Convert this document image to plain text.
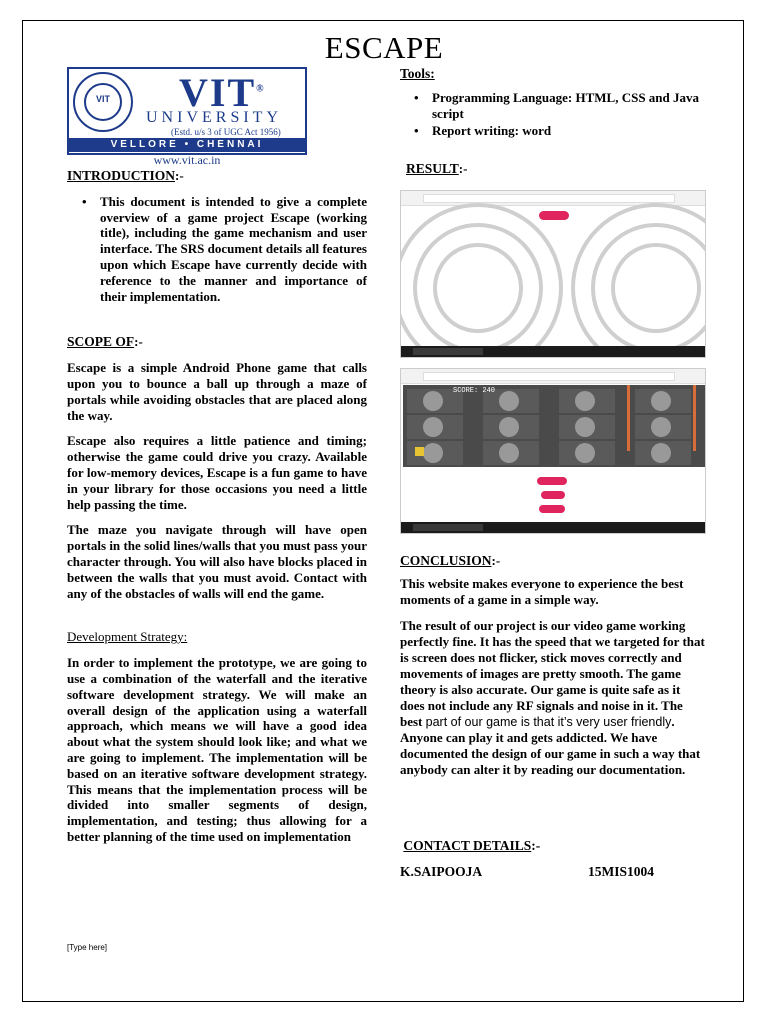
ESCAPE
VIT	VIT®
UNIVERSITY
(Estd. u/s 3 of UGC Act 1956)
VELLORE • CHENNAI
www.vit.ac.in
INTRODUCTION:-
• This document is intended to give a complete overview of a game project Escape (working title), including the game mechanism and user interface. The SRS document details all features upon which Escape have currently decide with reference to the manner and importance of their implementation.
SCOPE OF:-

Escape is a simple Android Phone game that calls upon you to bounce a ball up through a maze of portals while avoiding obstacles that are placed along the way.

Escape also requires a little patience and timing; otherwise the game could drive you crazy. Available for low-memory devices, Escape is a fun game to have in your library for those occasions you need a little help passing the time.

The maze you navigate through will have open portals in the solid lines/walls that you must pass your character through. You will also have blocks placed in between the walls that you must avoid. Contact with any of the obstacles of walls will end the game.

Development Strategy:

In order to implement the prototype, we are going to use a combination of the waterfall and the iterative software development strategy. We will make an overall design of the application using a waterfall approach, which means we will have a good idea about what the system should look like; and what we are going to implement. The implementation will be based on an iterative software development strategy. This means that the implementation process will be divided into smaller segments of design, implementation, and testing; thus allowing for a better planning of the time used on implementation

Tools:
• Programming Language: HTML, CSS and Java script
• Report writing: word
RESULT:-
SCORE: 240
CONCLUSION:-
This website makes everyone to experience the best moments of a game in a simple way.
The result of our project is our video game working perfectly fine. It has the speed that we targeted for that is screen does not flicker, stick moves correctly and movements of images are pretty smooth. The game theory is also accurate. Our game is quite safe as it does not include any RF signals and noise in it. The best part of our game is that it’s very user friendly. Anyone can play it and gets addicted. We have documented the design of our game in such a way that anybody can alter it by reading our documentation.
CONTACT DETAILS:-
K.SAIPOOJA	15MIS1004
[Type here]
